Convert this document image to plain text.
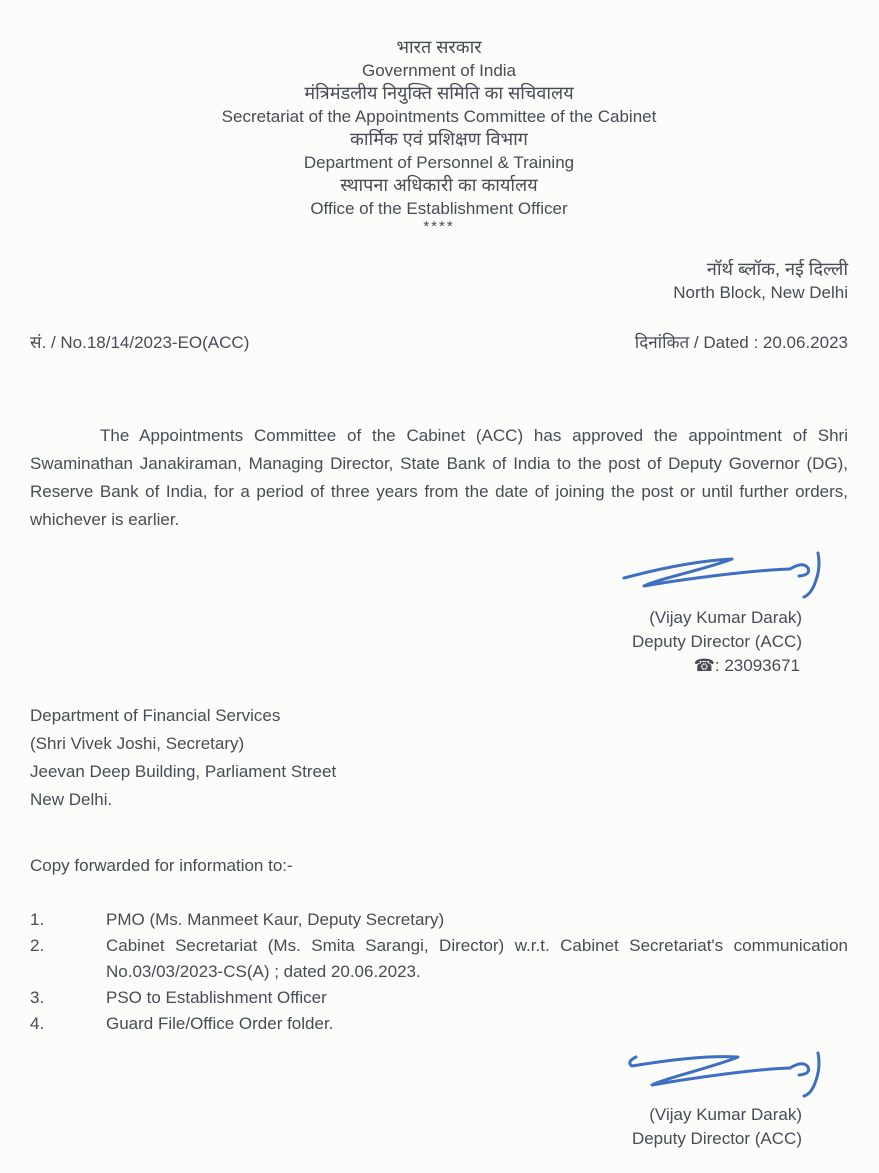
भारत सरकार
Government of India
मंत्रिमंडलीय नियुक्ति समिति का सचिवालय
Secretariat of the Appointments Committee of the Cabinet
कार्मिक एवं प्रशिक्षण विभाग
Department of Personnel & Training
स्थापना अधिकारी का कार्यालय
Office of the Establishment Officer
****
नॉर्थ ब्लॉक, नई दिल्ली
North Block, New Delhi
सं. / No.18/14/2023-EO(ACC)	दिनांकित / Dated : 20.06.2023

The Appointments Committee of the Cabinet (ACC) has approved the appointment of Shri Swaminathan Janakiraman, Managing Director, State Bank of India to the post of Deputy Governor (DG), Reserve Bank of India, for a period of three years from the date of joining the post or until further orders, whichever is earlier.

(Vijay Kumar Darak)
Deputy Director (ACC)
☎: 23093671
Department of Financial Services
(Shri Vivek Joshi, Secretary)
Jeevan Deep Building, Parliament Street
New Delhi.
Copy forwarded for information to:-
1.	PMO (Ms. Manmeet Kaur, Deputy Secretary)
2.	Cabinet Secretariat (Ms. Smita Sarangi, Director) w.r.t. Cabinet Secretariat's communication No.03/03/2023-CS(A) ; dated 20.06.2023.
3.	PSO to Establishment Officer
4.	Guard File/Office Order folder.
(Vijay Kumar Darak)
Deputy Director (ACC)
